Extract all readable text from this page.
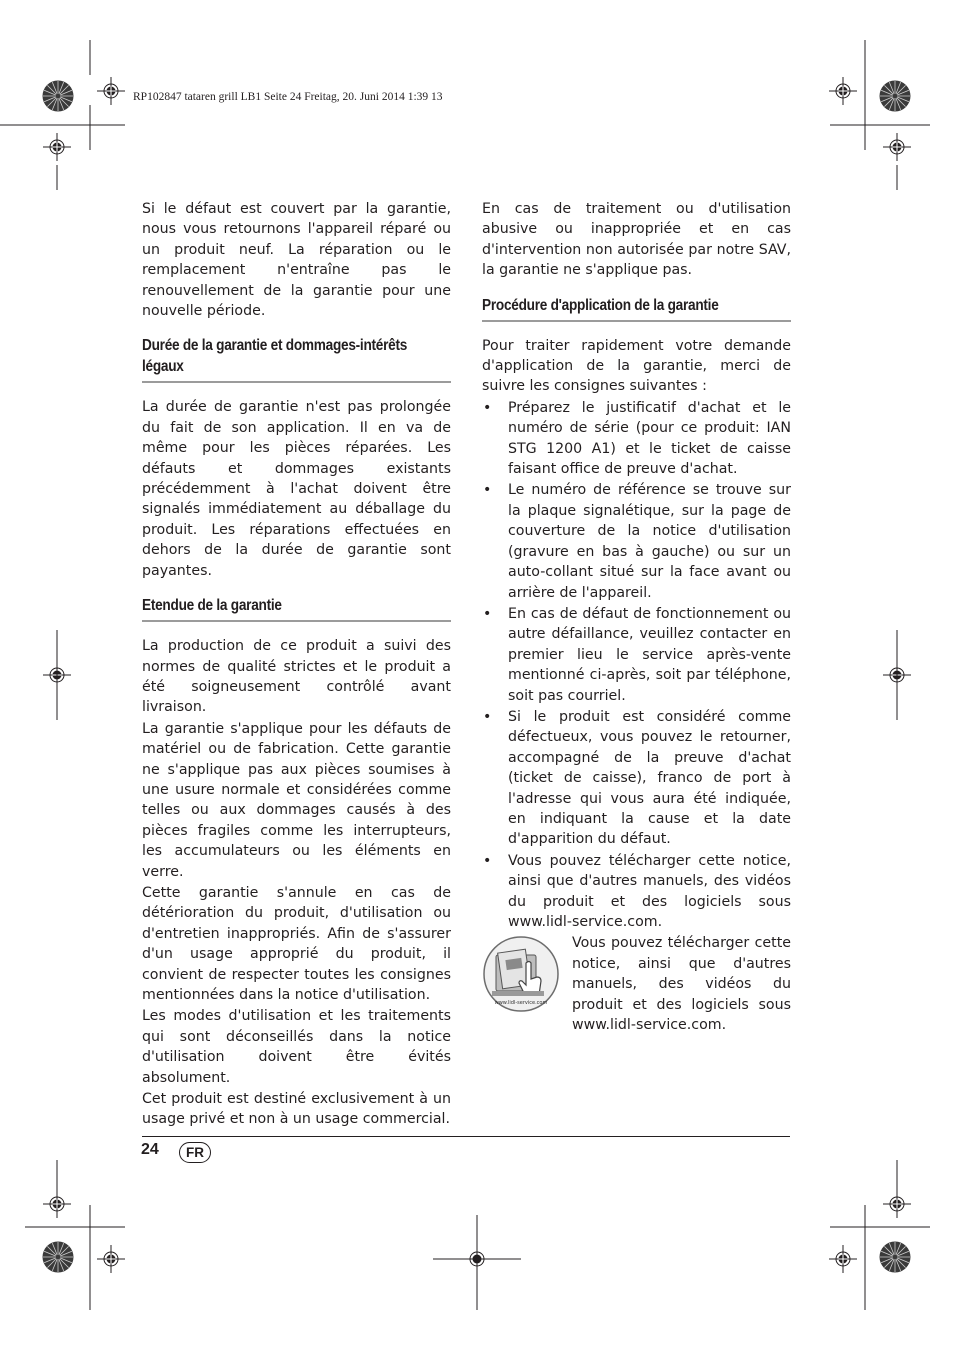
RP102847 tataren grill LB1 Seite 24 Freitag, 20. Juni 2014 1:39 13

Si le défaut est couvert par la garantie, nous vous retournons l'appareil réparé ou un produit neuf. La réparation ou le remplacement n'entraîne pas le renouvellement de la garantie pour une nouvelle période.

Durée de la garantie et dommages-intérêts légaux

La durée de garantie n'est pas prolongée du fait de son application. Il en va de même pour les pièces réparées. Les défauts et dommages existants précédemment à l'achat doivent être signalés immédiatement au déballage du produit. Les réparations effectuées en dehors de la durée de garantie sont payantes.

Etendue de la garantie

La production de ce produit a suivi des normes de qualité strictes et le produit a été soigneusement contrôlé avant livraison.

La garantie s'applique pour les défauts de matériel ou de fabrication. Cette garantie ne s'applique pas aux pièces soumises à une usure normale et considérées comme telles ou aux dommages causés à des pièces fragiles comme les interrupteurs, les accumulateurs ou les éléments en verre.

Cette garantie s'annule en cas de détérioration du produit, d'utilisation ou d'entretien inappropriés. Afin de s'assurer d'un usage approprié du produit, il convient de respecter toutes les consignes mentionnées dans la notice d'utilisation.

Les modes d'utilisation et les traitements qui sont déconseillés dans la notice d'utilisation doivent être évités absolument.

Cet produit est destiné exclusivement à un usage privé et non à un usage commercial.

En cas de traitement ou d'utilisation abusive ou inappropriée et en cas d'intervention non autorisée par notre SAV, la garantie ne s'applique pas.

Procédure d'application de la garantie

Pour traiter rapidement votre demande d'application de la garantie, merci de suivre les consignes suivantes :

• Préparez le justificatif d'achat et le numéro de série (pour ce produit: IAN STG 1200 A1) et le ticket de caisse faisant office de preuve d'achat.
• Le numéro de référence se trouve sur la plaque signalétique, sur la page de couverture de la notice d'utilisation (gravure en bas à gauche) ou sur un auto-collant situé sur la face avant ou arrière de l'appareil.
• En cas de défaut de fonctionnement ou autre défaillance, veuillez contacter en premier lieu le service après-vente mentionné ci-après, soit par téléphone, soit pas courriel.
• Si le produit est considéré comme défectueux, vous pouvez le retourner, accompagné de la preuve d'achat (ticket de caisse), franco de port à l'adresse qui vous aura été indiquée, en indiquant la cause et la date d'apparition du défaut.
• Vous pouvez télécharger cette notice, ainsi que d'autres manuels, des vidéos du produit et des logiciels sous www.lidl-service.com.
www.lidl-service.com
Vous pouvez télécharger cette notice, ainsi que d'autres manuels, des vidéos du produit et des logiciels sous www.lidl-service.com.
24	FR
